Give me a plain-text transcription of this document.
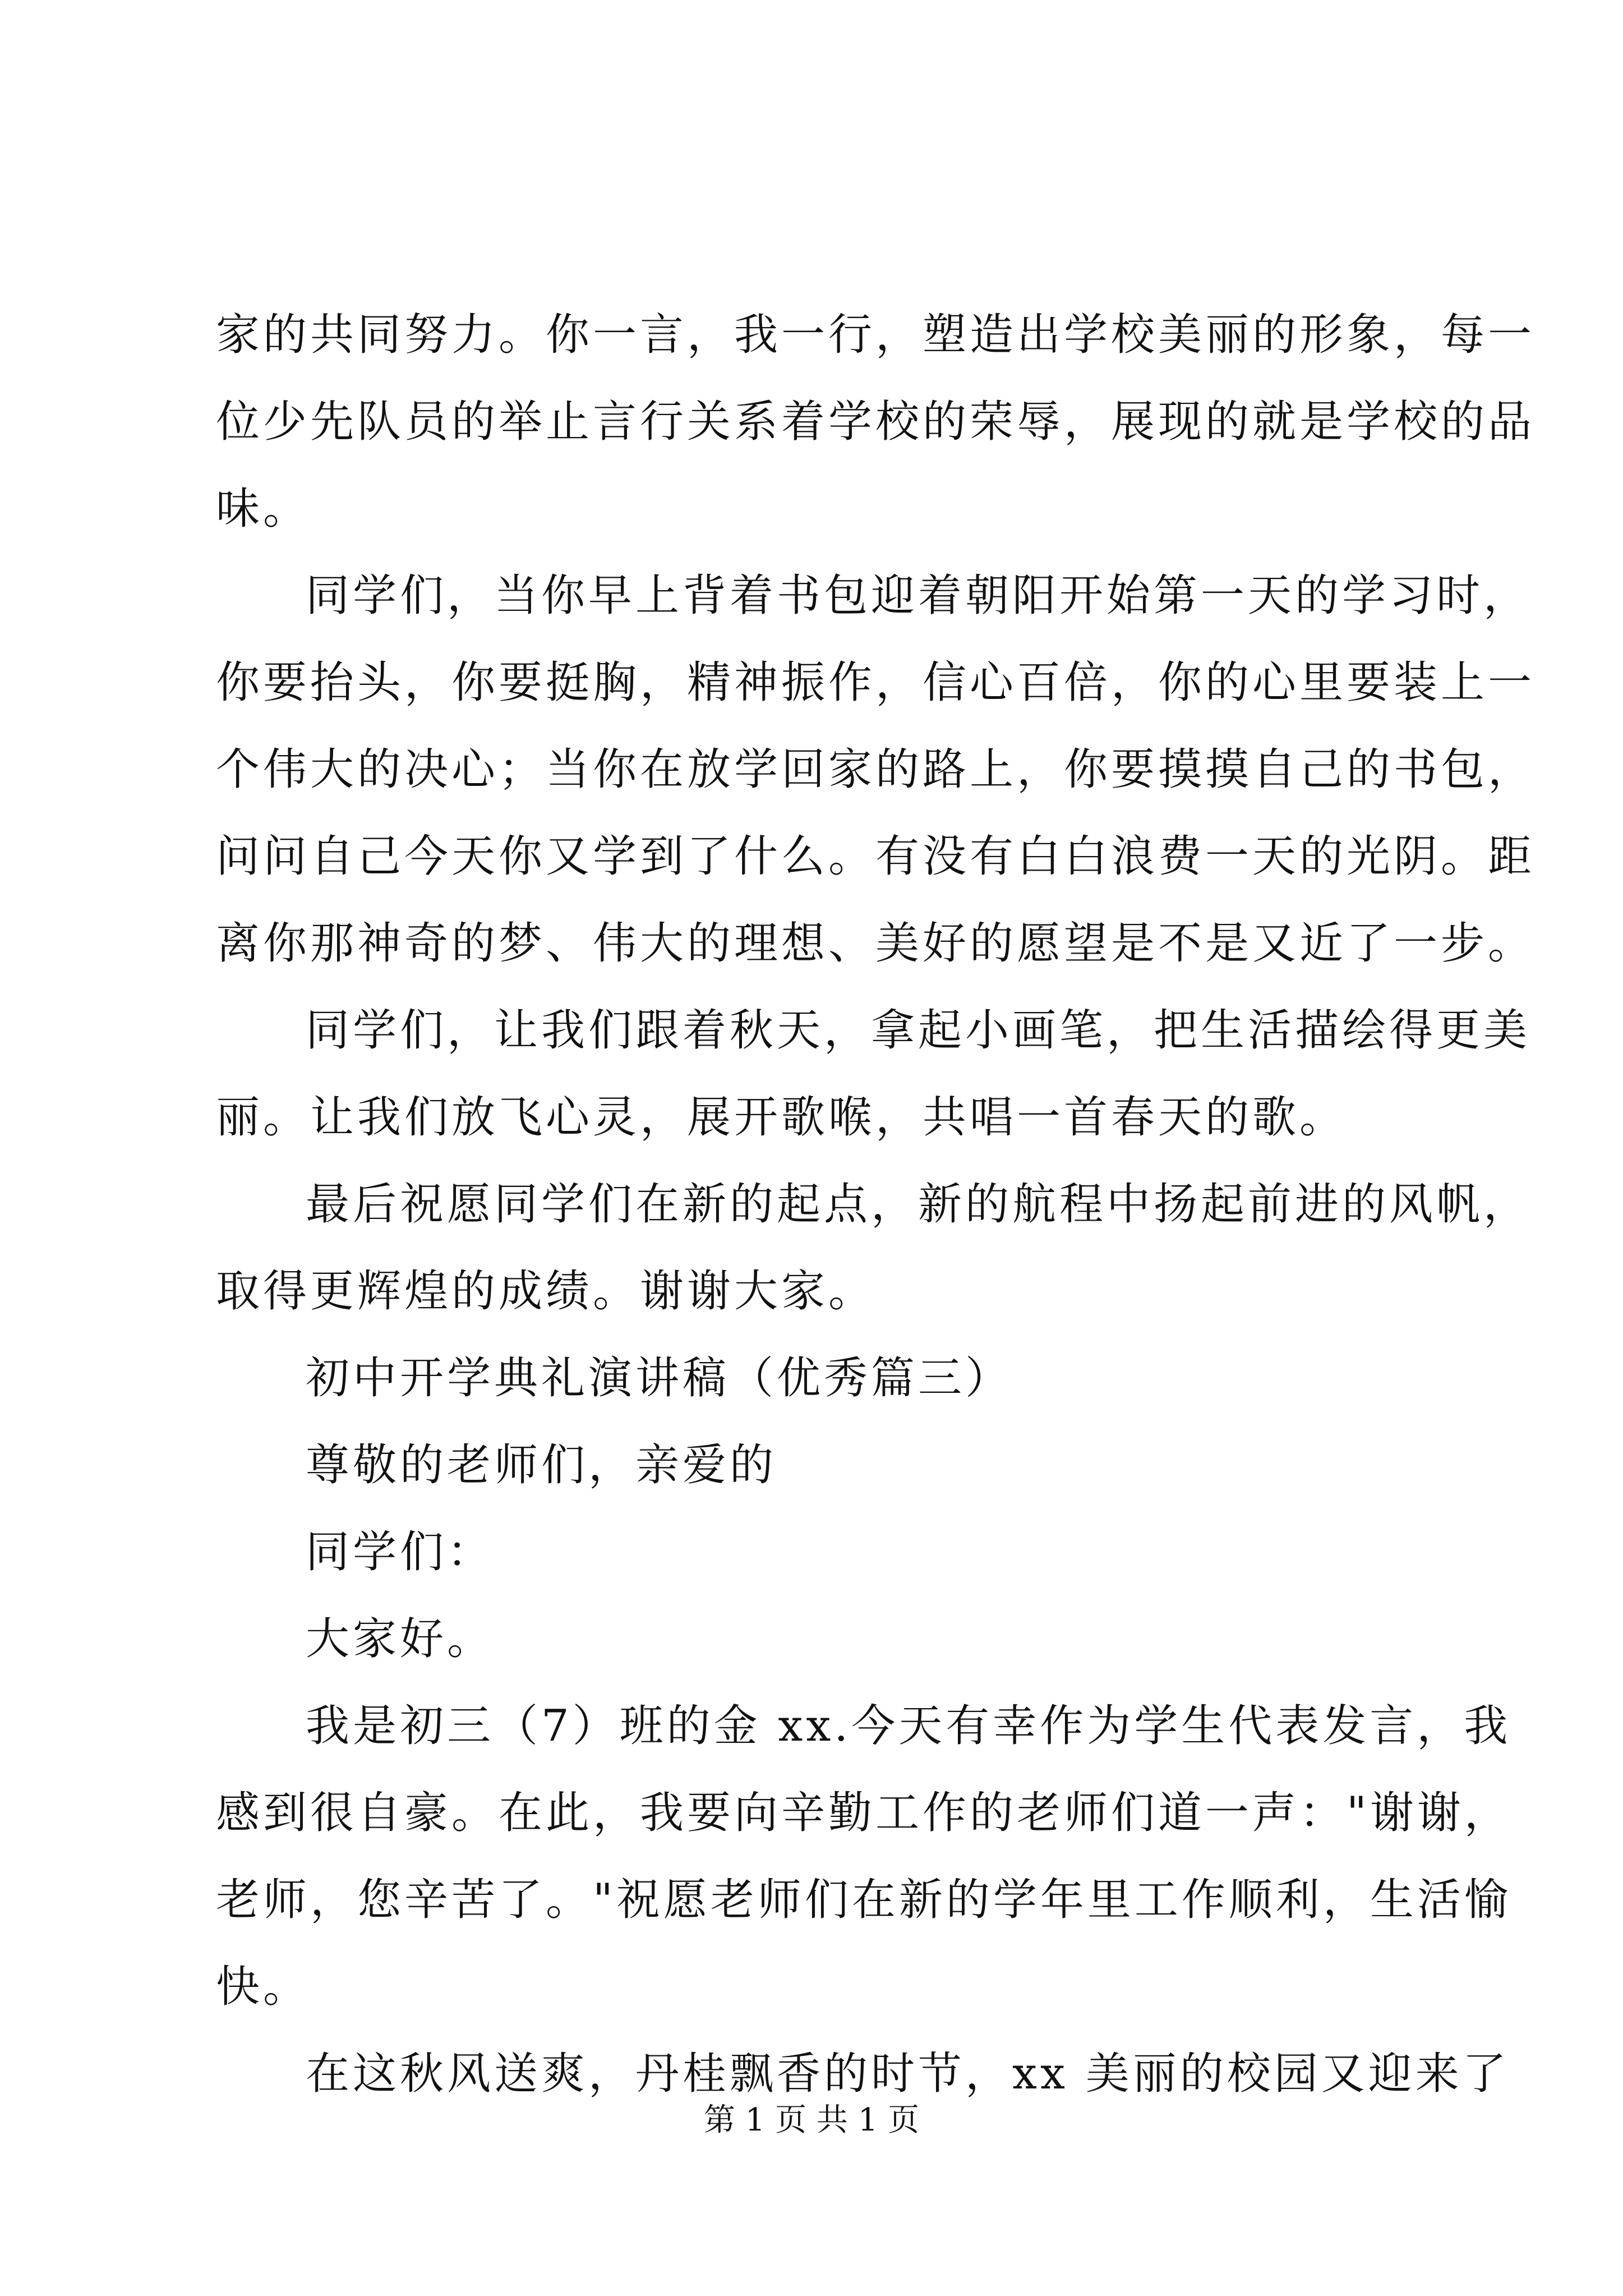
家的共同努力。你一言，我一行，塑造出学校美丽的形象，每一
位少先队员的举止言行关系着学校的荣辱，展现的就是学校的品
味。
同学们，当你早上背着书包迎着朝阳开始第一天的学习时，
你要抬头，你要挺胸，精神振作，信心百倍，你的心里要装上一
个伟大的决心；当你在放学回家的路上，你要摸摸自己的书包，
问问自己今天你又学到了什么。有没有白白浪费一天的光阴。距
离你那神奇的梦、伟大的理想、美好的愿望是不是又近了一步。
同学们，让我们跟着秋天，拿起小画笔，把生活描绘得更美
丽。让我们放飞心灵，展开歌喉，共唱一首春天的歌。
最后祝愿同学们在新的起点，新的航程中扬起前进的风帆，
取得更辉煌的成绩。谢谢大家。
初中开学典礼演讲稿（优秀篇三）
尊敬的老师们，亲爱的
同学们：
大家好。
我是初三（7）班的金 xx.今天有幸作为学生代表发言，我
感到很自豪。在此，我要向辛勤工作的老师们道一声："谢谢，
老师，您辛苦了。"祝愿老师们在新的学年里工作顺利，生活愉
快。
在这秋风送爽，丹桂飘香的时节，xx 美丽的校园又迎来了
第 1 页 共 1 页
